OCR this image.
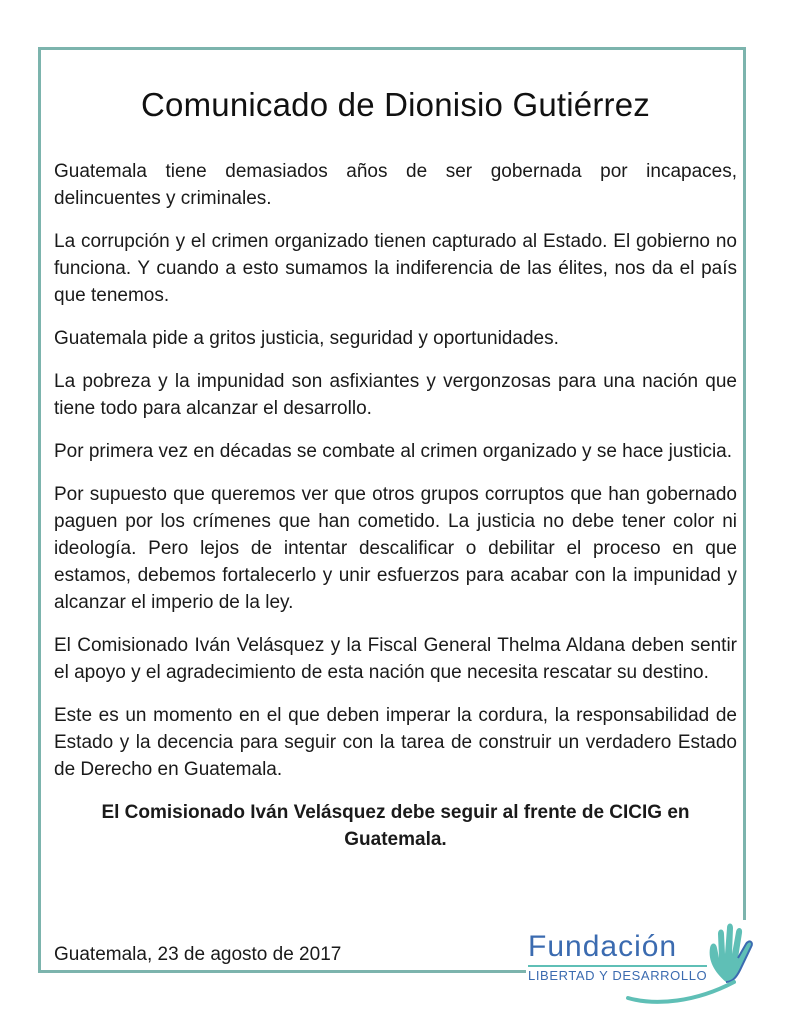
Comunicado de Dionisio Gutiérrez

Guatemala tiene demasiados años de ser gobernada por incapaces, delincuentes y criminales.

La corrupción y el crimen organizado tienen capturado al Estado. El gobierno no funciona. Y cuando a esto sumamos la indiferencia de las élites, nos da el país que tenemos.

Guatemala pide a gritos justicia, seguridad y oportunidades.

La pobreza y la impunidad son asfixiantes y vergonzosas para una nación que tiene todo para alcanzar el desarrollo.

Por primera vez en décadas se combate al crimen organizado y se hace justicia.

Por supuesto que queremos ver que otros grupos corruptos que han gobernado paguen por los crímenes que han cometido. La justicia no debe tener color ni ideología. Pero lejos de intentar descalificar o debilitar el proceso en que estamos, debemos fortalecerlo y unir esfuerzos para acabar con la impunidad y alcanzar el imperio de la ley.

El Comisionado Iván Velásquez y la Fiscal General Thelma Aldana deben sentir el apoyo y el agradecimiento de esta nación que necesita rescatar su destino.

Este es un momento en el que deben imperar la cordura, la responsabilidad de Estado y la decencia para seguir con la tarea de construir un verdadero Estado de Derecho en Guatemala.

El Comisionado Iván Velásquez debe seguir al frente de CICIG en Guatemala.

Guatemala, 23 de agosto de 2017	Fundación
LIBERTAD Y DESARROLLO
